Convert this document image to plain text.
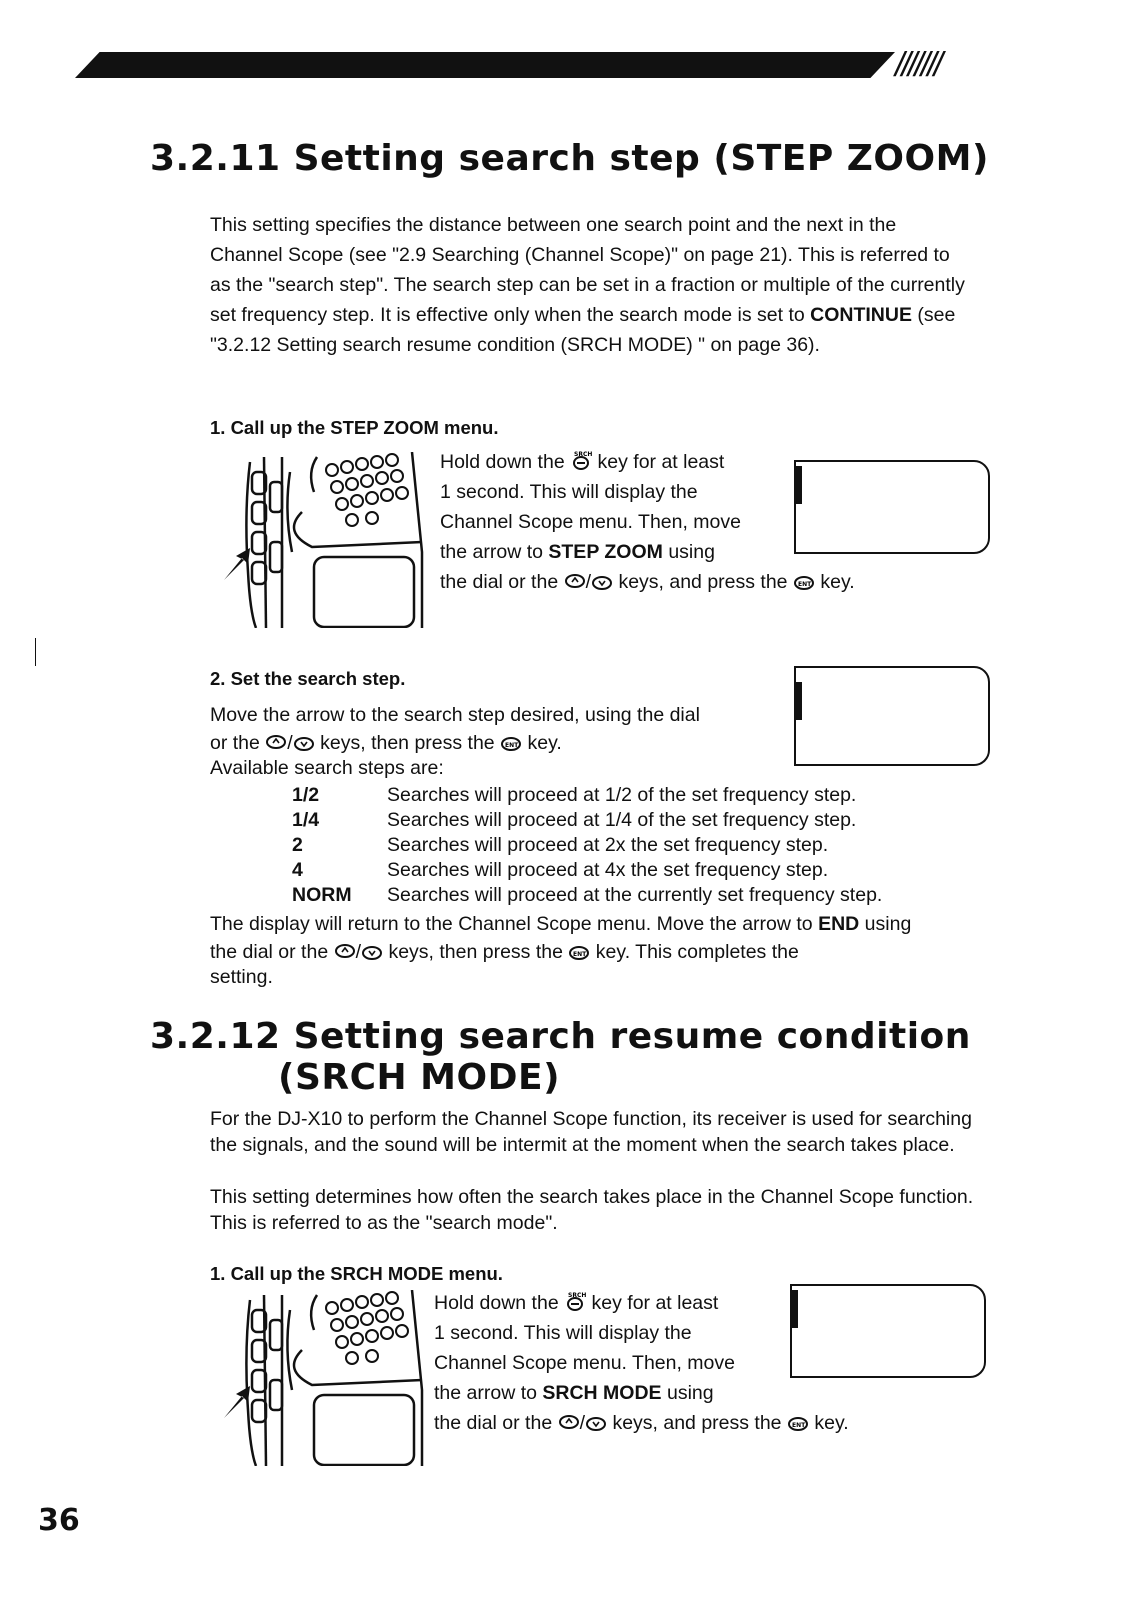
///////
3.2.11 Setting search step (STEP ZOOM)
This setting specifies the distance between one search point and the next in the Channel Scope (see "2.9 Searching (Channel Scope)" on page 21). This is referred to as the "search step". The search step can be set in a fraction or multiple of the currently set frequency step. It is effective only when the search mode is set to CONTINUE (see "3.2.12 Setting search resume condition (SRCH MODE) " on page 36).
1. Call up the STEP ZOOM menu.
Hold down the SRCH key for at least
1 second. This will display the
Channel Scope menu. Then, move
the arrow to STEP ZOOM using
the dial or the / keys, and press the ENT key.
2. Set the search step.
Move the arrow to the search step desired, using the dial
or the / keys, then press the ENT key.
Available search steps are:
1/2	Searches will proceed at 1/2 of the set frequency step.
1/4	Searches will proceed at 1/4 of the set frequency step.
2	Searches will proceed at 2x the set frequency step.
4	Searches will proceed at 4x the set frequency step.
NORM	Searches will proceed at the currently set frequency step.
The display will return to the Channel Scope menu. Move the arrow to END using
the dial or the / keys, then press the ENT key. This completes the
setting.
3.2.12 Setting search resume condition
(SRCH MODE)
For the DJ-X10 to perform the Channel Scope function, its receiver is used for searching the signals, and the sound will be intermit at the moment when the search takes place.
This setting determines how often the search takes place in the Channel Scope function. This is referred to as the "search mode".
1. Call up the SRCH MODE menu.
Hold down the SRCH key for at least
1 second. This will display the
Channel Scope menu. Then, move
the arrow to SRCH MODE using
the dial or the / keys, and press the ENT key.
36
